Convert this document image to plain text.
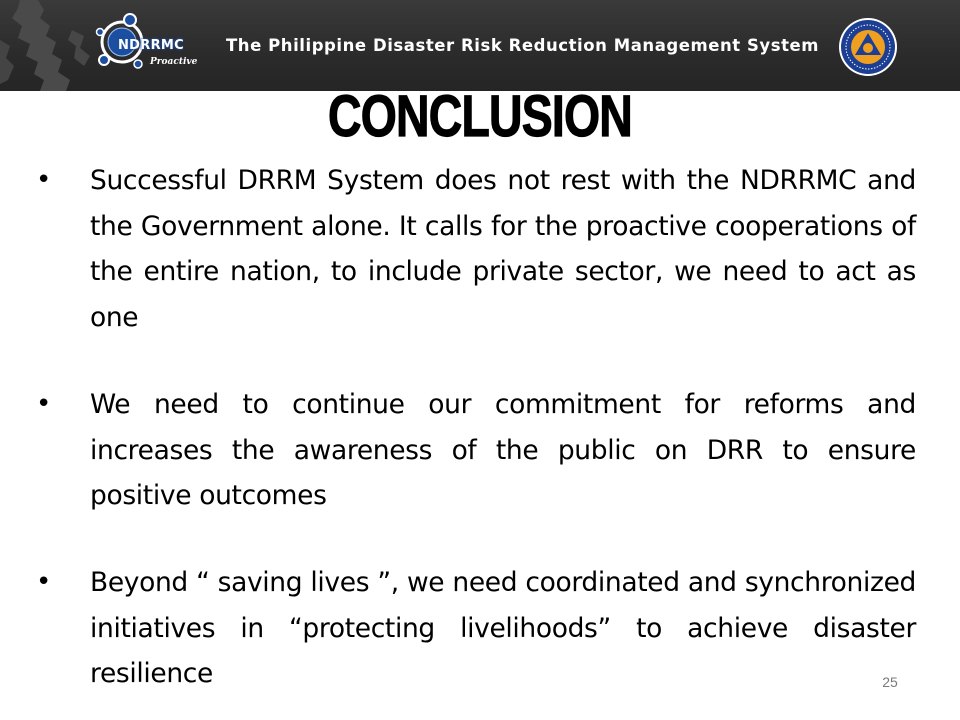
NDRRMC
Proactive
The Philippine Disaster Risk Reduction Management System
CONCLUSION
• Successful DRRM System does not rest with the NDRRMC and the Government alone. It calls for the proactive cooperations of the entire nation, to include private sector, we need to act as one
• We need to continue our commitment for reforms and increases the awareness of the public on DRR to ensure positive outcomes
• Beyond “ saving lives ”, we need coordinated and synchronized initiatives in “protecting livelihoods” to achieve disaster resilience	25
